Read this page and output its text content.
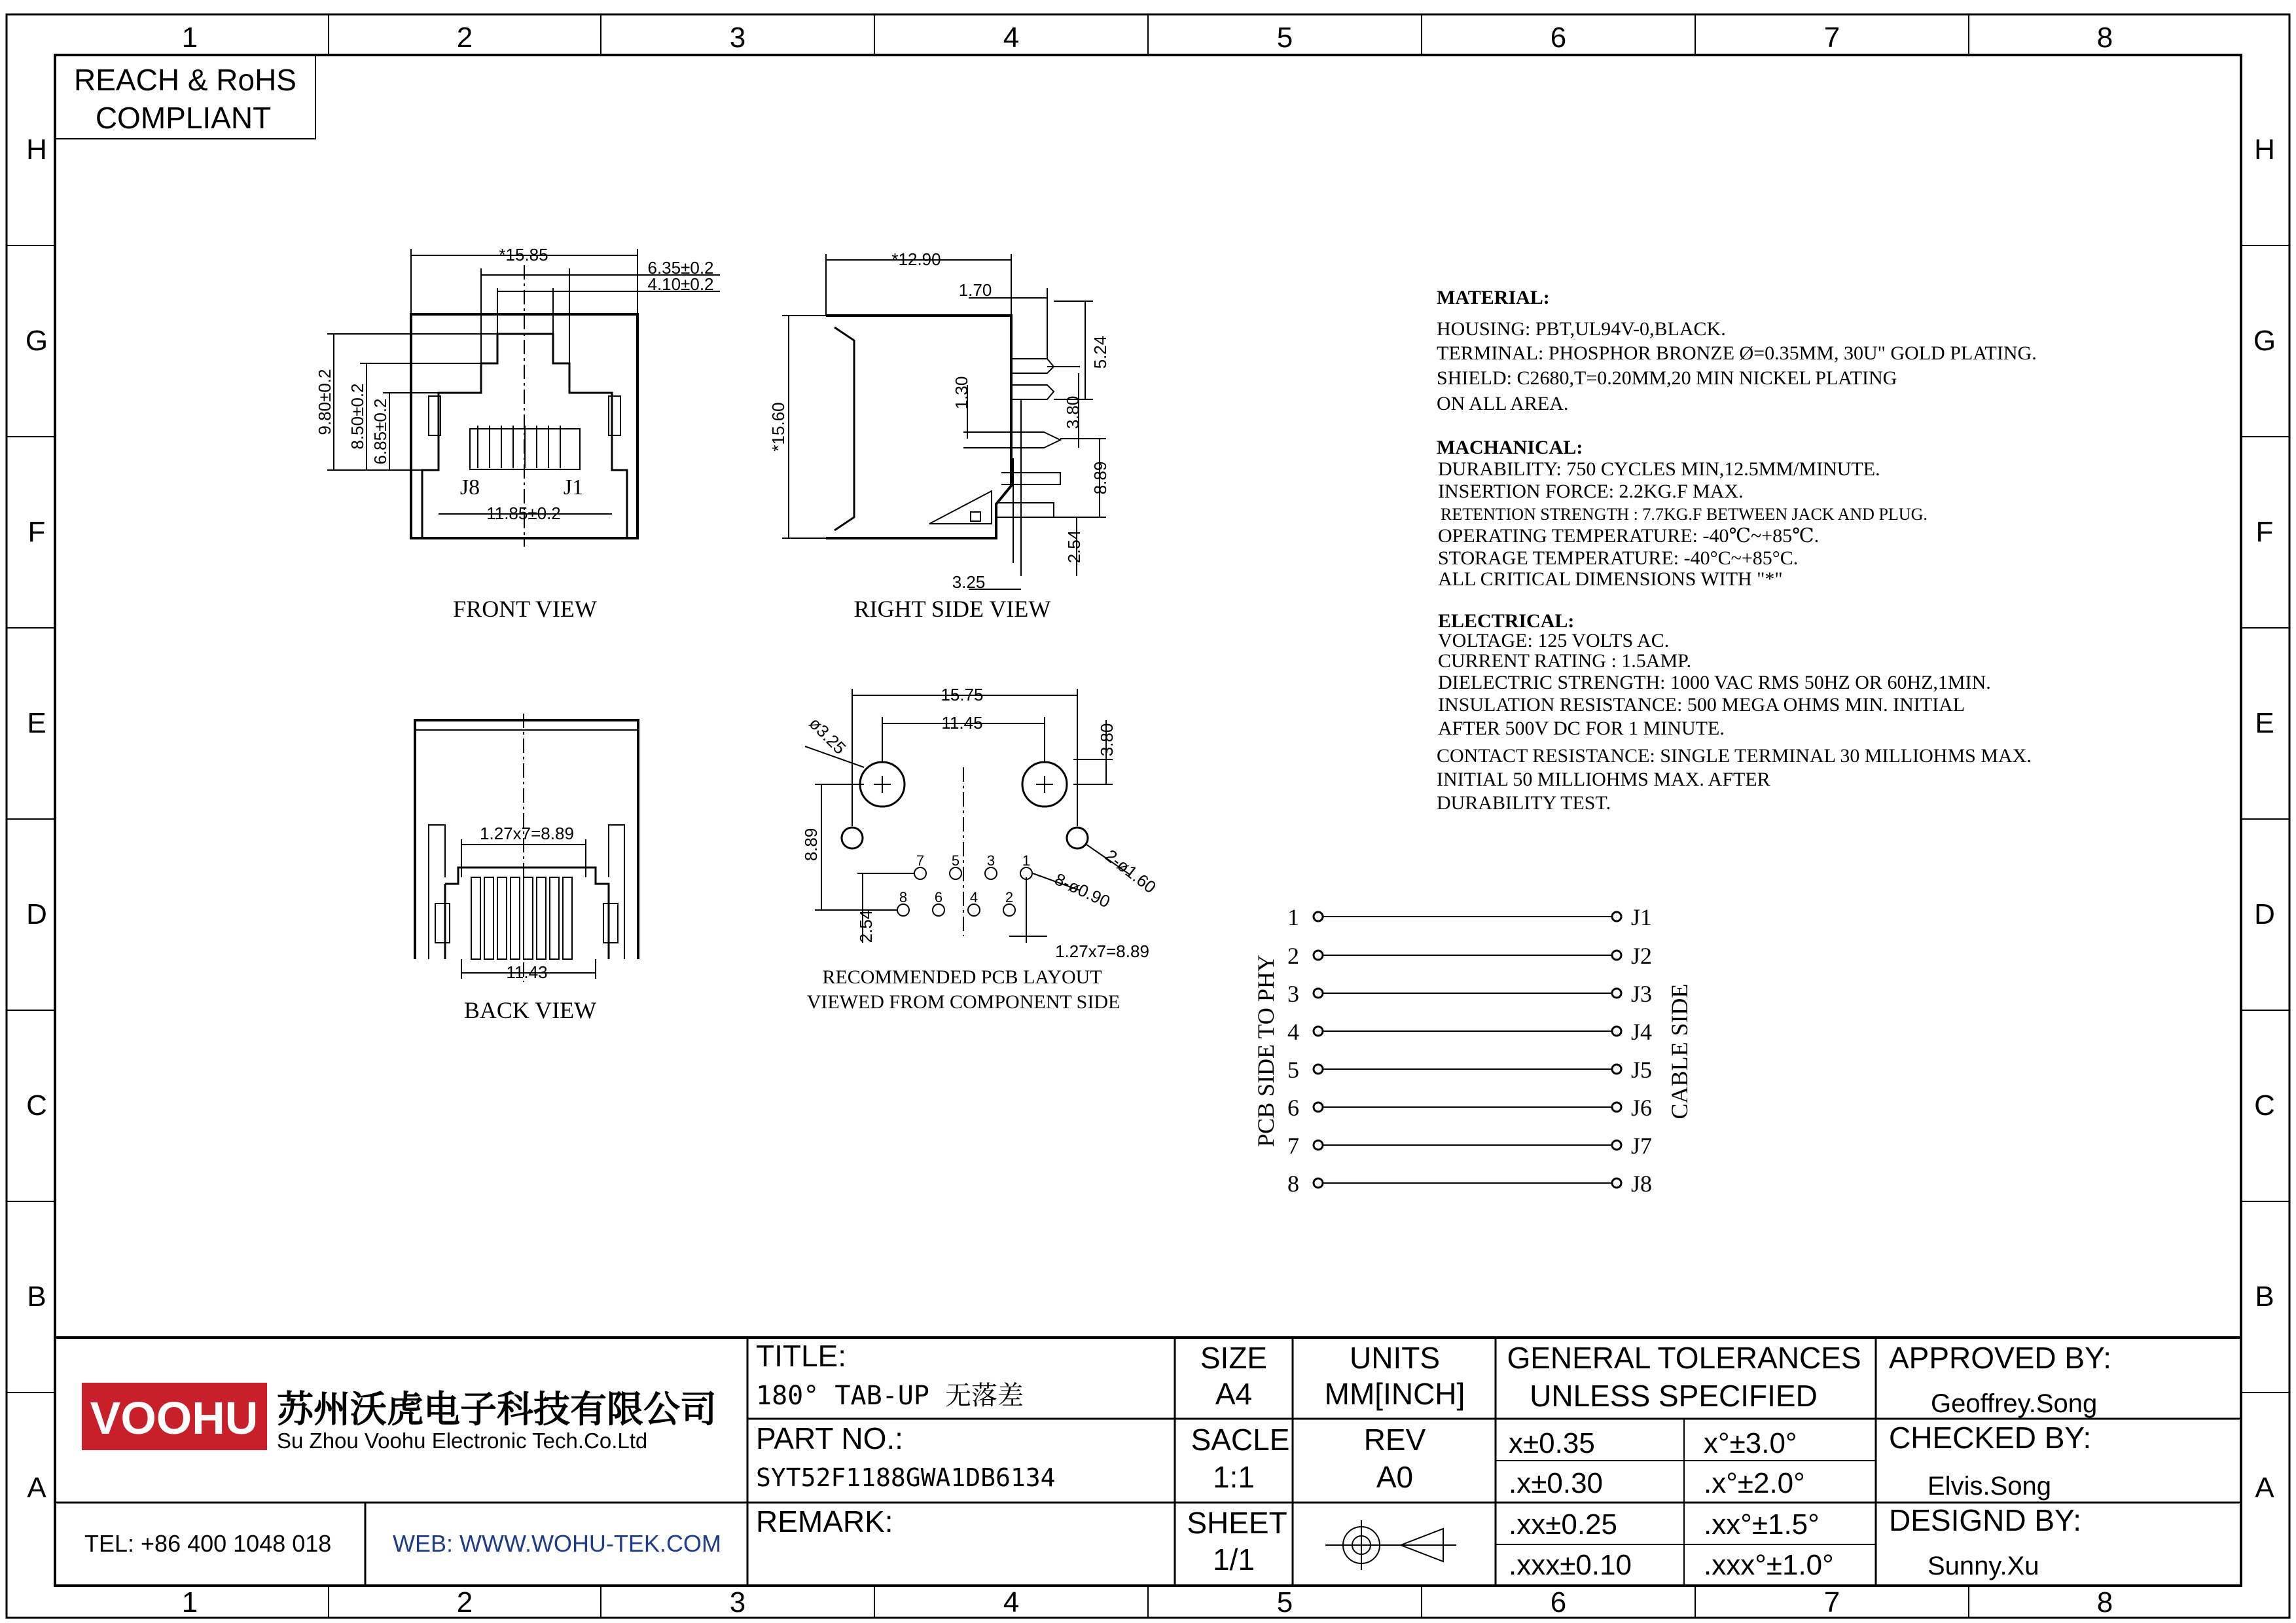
1	2	3	4	5	6	7	8
1	2	3	4	5	6	7	8
H
G
F
E
D
C
B
A
H
G
F
E
D
C
B
A
REACH & RoHS
COMPLIANT
*15.85
6.35±0.2
4.10±0.2
9.80±0.2 8.50±0.2 6.85±0.2
11.85±0.2
J8	J1
FRONT VIEW
*12.90
1.70
5.24
*15.60
1.30
3.80
8.89
2.54
3.25
RIGHT SIDE VIEW
1.27x7=8.89
11.43
BACK VIEW
7 5 3 1
8 6 4 2
15.75
11.45
3.80
ø3.25
8.89
2-ø1.60
8-ø0.90
2.54
1.27x7=8.89
RECOMMENDED PCB LAYOUT
VIEWED FROM COMPONENT SIDE
MATERIAL:
HOUSING: PBT,UL94V-0,BLACK.
TERMINAL: PHOSPHOR BRONZE Ø=0.35MM, 30U" GOLD PLATING.
SHIELD: C2680,T=0.20MM,20 MIN NICKEL PLATING
ON ALL AREA.
MACHANICAL:
DURABILITY: 750 CYCLES MIN,12.5MM/MINUTE.
INSERTION FORCE: 2.2KG.F MAX.
RETENTION STRENGTH : 7.7KG.F BETWEEN JACK AND PLUG.
OPERATING TEMPERATURE: -40℃~+85℃.
STORAGE TEMPERATURE: -40°C~+85°C.
ALL CRITICAL DIMENSIONS WITH "*"
ELECTRICAL:
VOLTAGE: 125 VOLTS AC.
CURRENT RATING : 1.5AMP.
DIELECTRIC STRENGTH: 1000 VAC RMS 50HZ OR 60HZ,1MIN.
INSULATION RESISTANCE: 500 MEGA OHMS MIN. INITIAL
AFTER 500V DC FOR 1 MINUTE.
CONTACT RESISTANCE: SINGLE TERMINAL 30 MILLIOHMS MAX.
INITIAL 50 MILLIOHMS MAX. AFTER
DURABILITY TEST.
1
2
3
4
5
6
7
8
J1
J2
J3
J4
J5
J6
J7
J8
PCB SIDE TO PHY	CABLE SIDE
VOOHU 苏州沃虎电子科技有限公司
Su Zhou Voohu Electronic Tech.Co.Ltd
TEL: +86 400 1048 018	WEB: WWW.WOHU-TEK.COM
TITLE:
180° TAB-UP 无落差
PART NO.:
SYT52F1188GWA1DB6134
REMARK:
SIZE
A4
UNITS
MM[INCH]
SACLE
1:1
REV
A0
SHEET
1/1
GENERAL TOLERANCES
UNLESS SPECIFIED
x±0.35	x°±3.0°
.x±0.30	.x°±2.0°
.xx±0.25	.xx°±1.5°
.xxx±0.10 .xxx°±1.0°
APPROVED BY:
Geoffrey.Song
CHECKED BY:
Elvis.Song
DESIGND BY:
Sunny.Xu
